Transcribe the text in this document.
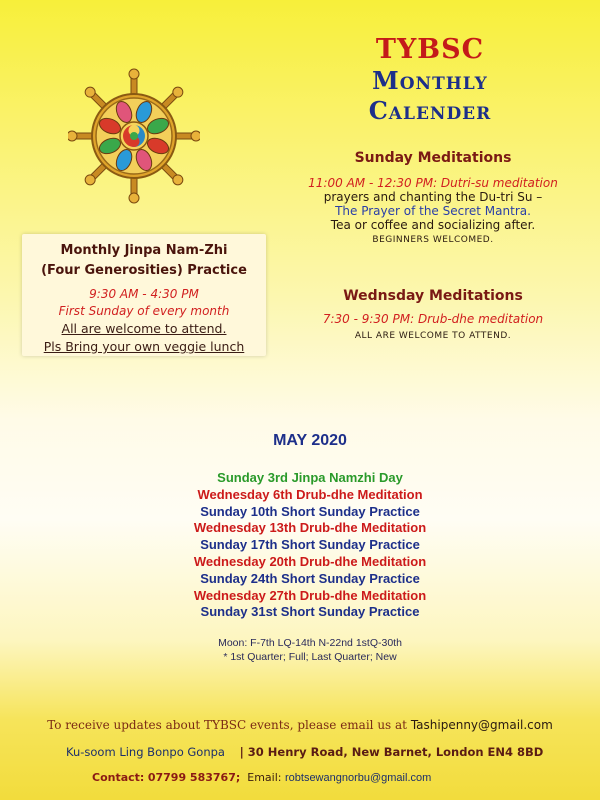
TYBSC
Monthly
Calender
Sunday Meditations
11:00 AM - 12:30 PM: Dutri-su meditation
prayers and chanting the Du-tri Su –
The Prayer of the Secret Mantra.
Tea or coffee and socializing after.
BEGINNERS WELCOMED.
Monthly Jinpa Nam-Zhi
(Four Generosities) Practice
9:30 AM - 4:30 PM
First Sunday of every month
All are welcome to attend.
Pls Bring your own veggie lunch
Wednsday Meditations
7:30 - 9:30 PM: Drub-dhe meditation
ALL ARE WELCOME TO ATTEND.
MAY 2020
Sunday 3rd Jinpa Namzhi Day
Wednesday 6th Drub-dhe Meditation
Sunday 10th Short Sunday Practice
Wednesday 13th Drub-dhe Meditation
Sunday 17th Short Sunday Practice
Wednesday 20th Drub-dhe Meditation
Sunday 24th Short Sunday Practice
Wednesday 27th Drub-dhe Meditation
Sunday 31st Short Sunday Practice
Moon: F-7th LQ-14th N-22nd 1stQ-30th
* 1st Quarter; Full; Last Quarter; New
To receive updates about TYBSC events, please email us at Tashipenny@gmail.com
Ku-soom Ling Bonpo Gonpa | 30 Henry Road, New Barnet, London EN4 8BD
Contact: 07799 583767; Email: robtsewangnorbu@gmail.com
